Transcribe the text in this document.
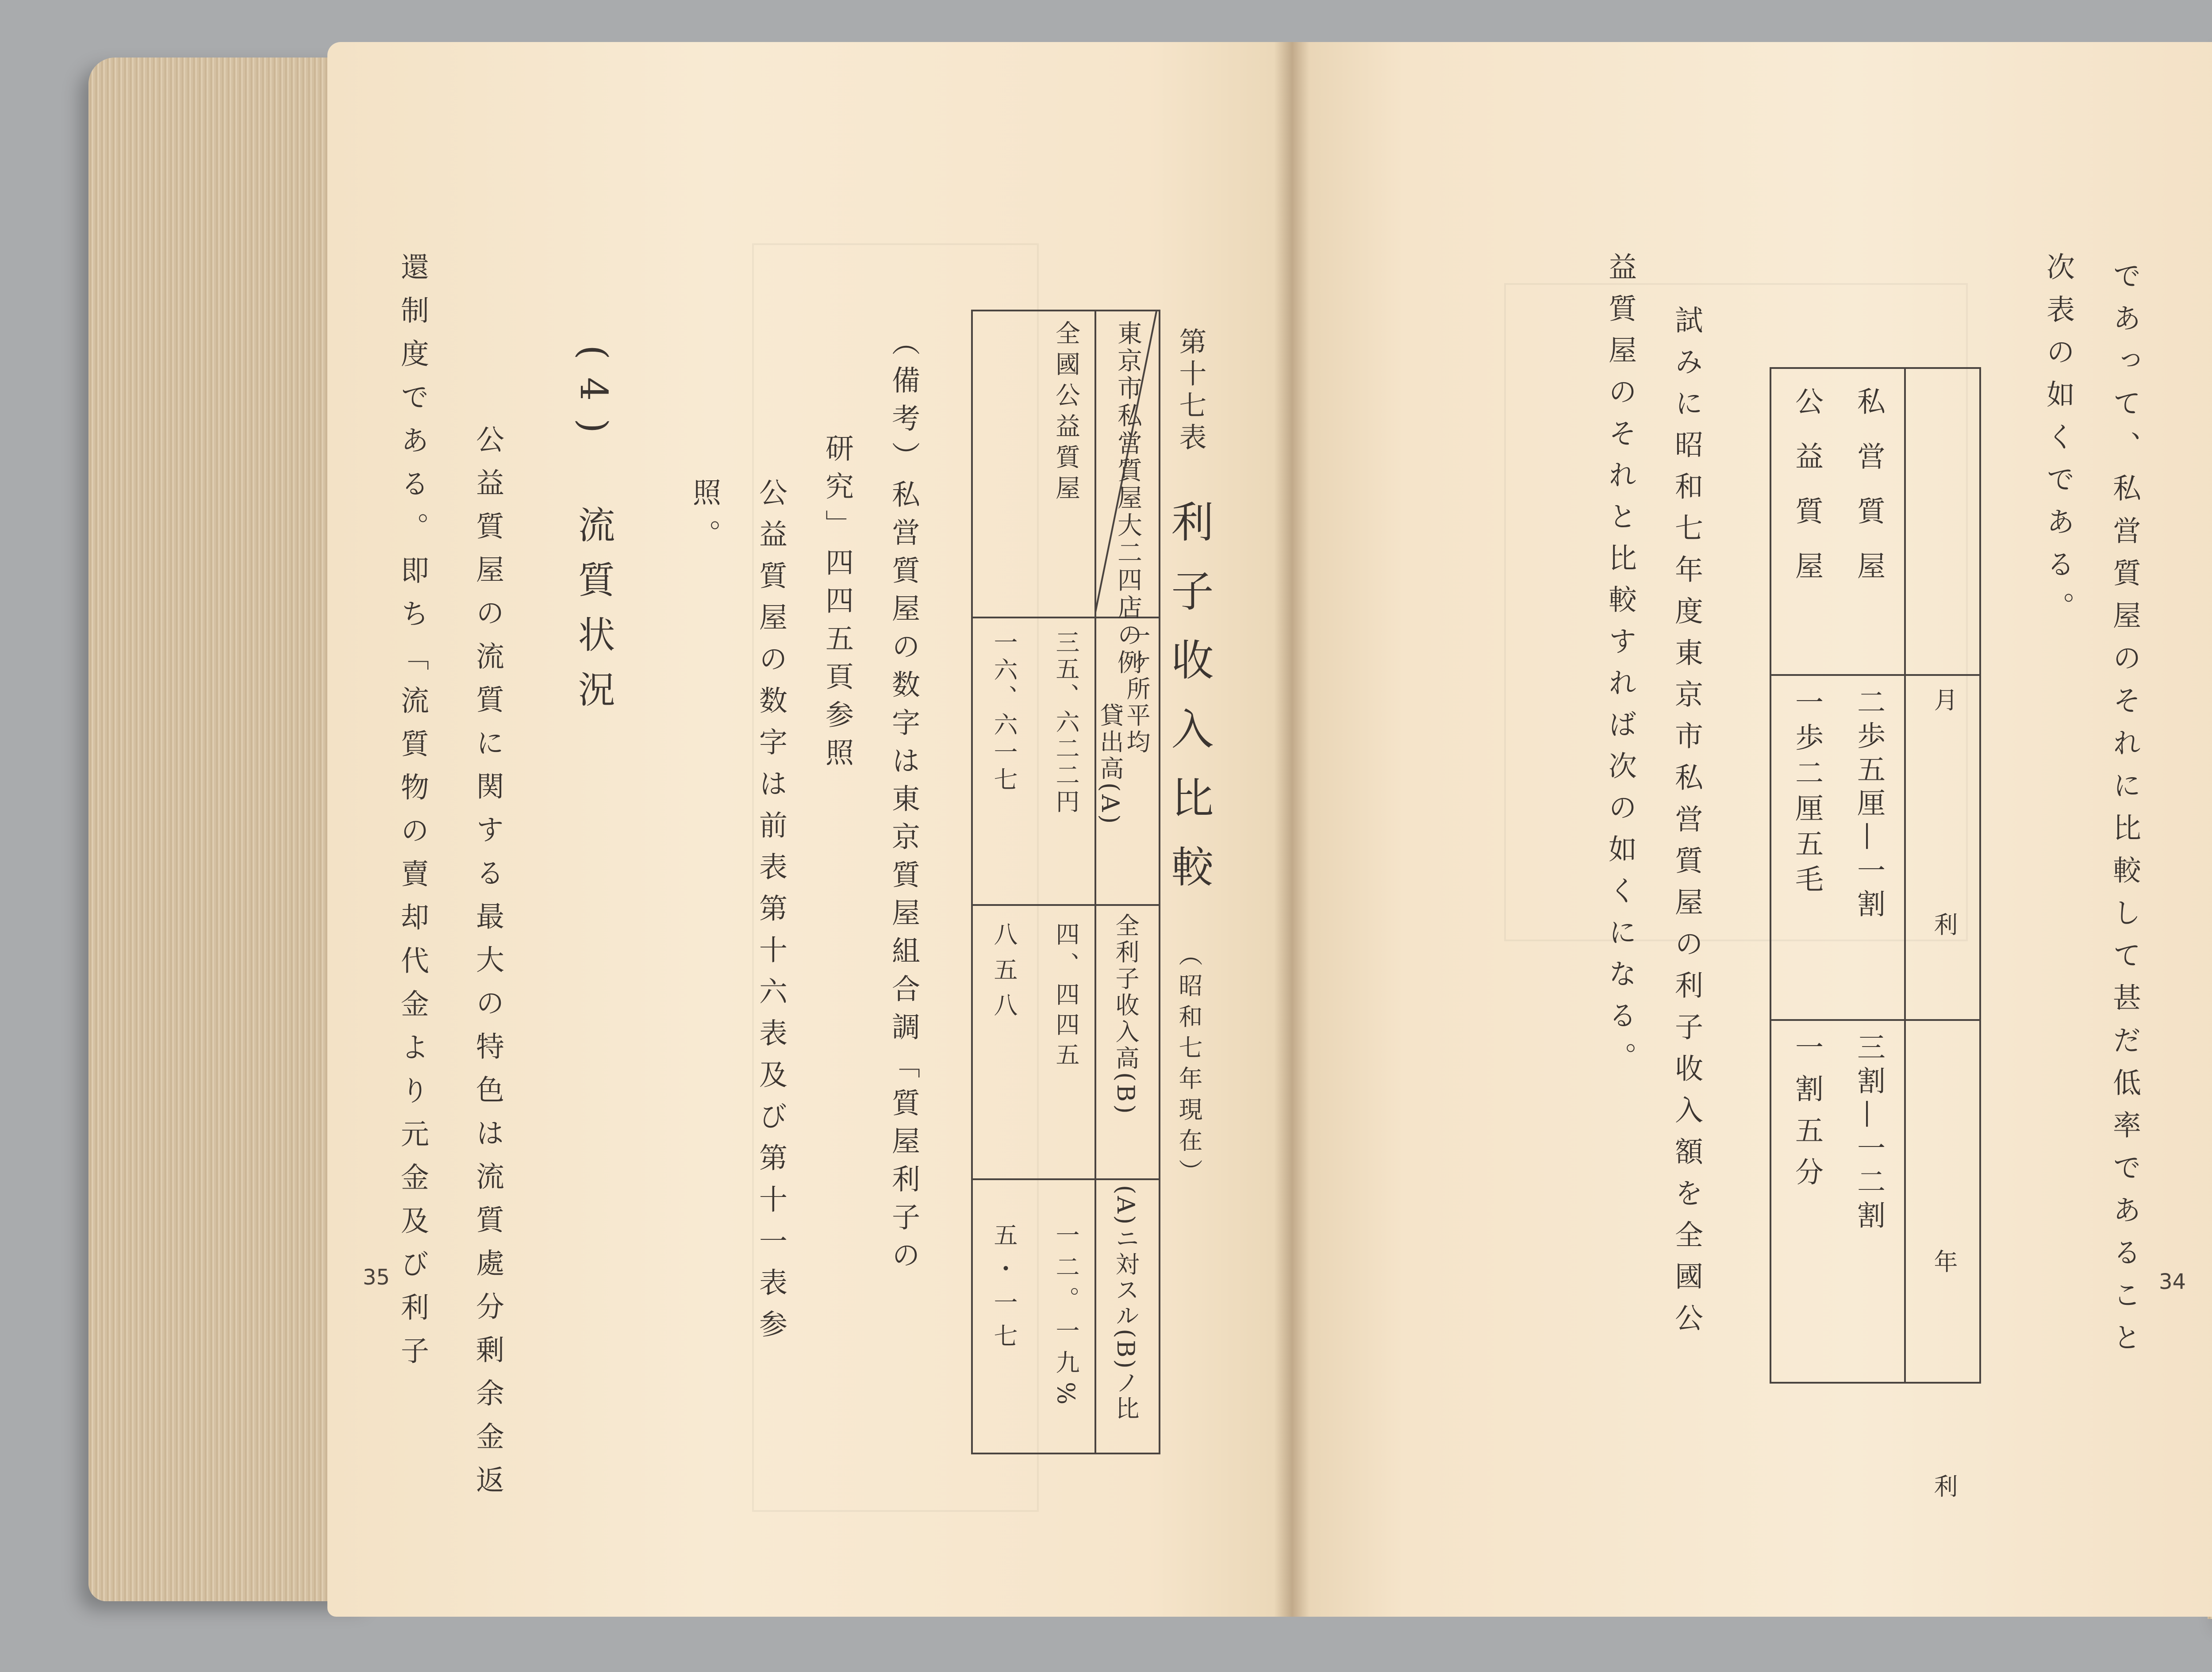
第十七表
利子收入比較
（昭和七年現在）
東京市私営質屋大二四店の例
全國公益質屋
一ヶ所平均
貸出高(A)
三五、六二二円
一六、六一七
全利子收入高(B)
四、四四五
八五八
(A)ニ対スル(B)ノ比
一二。一九%
五・一七
（備考）私営質屋の数字は東京質屋組合調「質屋利子の
研究」四四五頁参照
公益質屋の数字は前表第十六表及び第十一表参
照。
(4)　流質状況
公益質屋の流質に関する最大の特色は流質處分剰余金返
還制度である。即ち「流質物の賣却代金より元金及び利子
35	であって、私営質屋のそれに比較して甚だ低率であること
次表の如くである。
私営質屋
公益質屋
月　利　　年　利
二歩五厘—一割
一歩二厘五毛
三割—一二割
一割五分
試みに昭和七年度東京市私営質屋の利子收入額を全國公
益質屋のそれと比較すれば次の如くになる。
34
